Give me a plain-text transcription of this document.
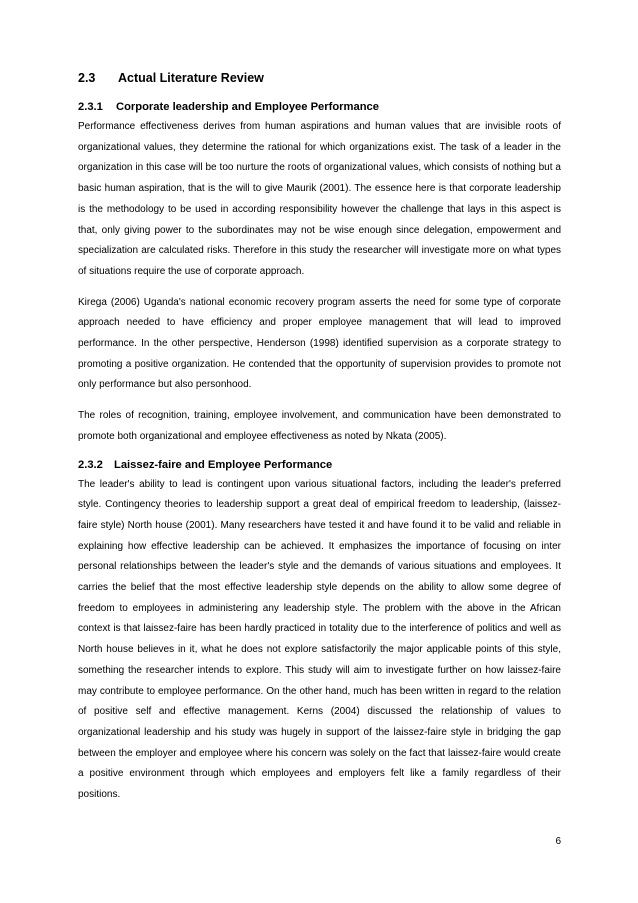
2.3 Actual Literature Review
2.3.1 Corporate leadership and Employee Performance

Performance effectiveness derives from human aspirations and human values that are invisible roots of organizational values, they determine the rational for which organizations exist. The task of a leader in the organization in this case will be too nurture the roots of organizational values, which consists of nothing but a basic human aspiration, that is the will to give Maurik (2001). The essence here is that corporate leadership is the methodology to be used in according responsibility however the challenge that lays in this aspect is that, only giving power to the subordinates may not be wise enough since delegation, empowerment and specialization are calculated risks. Therefore in this study the researcher will investigate more on what types of situations require the use of corporate approach.

Kirega (2006) Uganda's national economic recovery program asserts the need for some type of corporate approach needed to have efficiency and proper employee management that will lead to improved performance. In the other perspective, Henderson (1998) identified supervision as a corporate strategy to promoting a positive organization. He contended that the opportunity of supervision provides to promote not only performance but also personhood.

The roles of recognition, training, employee involvement, and communication have been demonstrated to promote both organizational and employee effectiveness as noted by Nkata (2005).

2.3.2 Laissez-faire and Employee Performance

The leader's ability to lead is contingent upon various situational factors, including the leader's preferred style. Contingency theories to leadership support a great deal of empirical freedom to leadership, (laissez-faire style) North house (2001). Many researchers have tested it and have found it to be valid and reliable in explaining how effective leadership can be achieved. It emphasizes the importance of focusing on inter personal relationships between the leader's style and the demands of various situations and employees. It carries the belief that the most effective leadership style depends on the ability to allow some degree of freedom to employees in administering any leadership style. The problem with the above in the African context is that laissez-faire has been hardly practiced in totality due to the interference of politics and well as North house believes in it, what he does not explore satisfactorily the major applicable points of this style, something the researcher intends to explore. This study will aim to investigate further on how laissez-faire may contribute to employee performance. On the other hand, much has been written in regard to the relation of positive self and effective management. Kerns (2004) discussed the relationship of values to organizational leadership and his study was hugely in support of the laissez-faire style in bridging the gap between the employer and employee where his concern was solely on the fact that laissez-faire would create a positive environment through which employees and employers felt like a family regardless of their positions.

6
